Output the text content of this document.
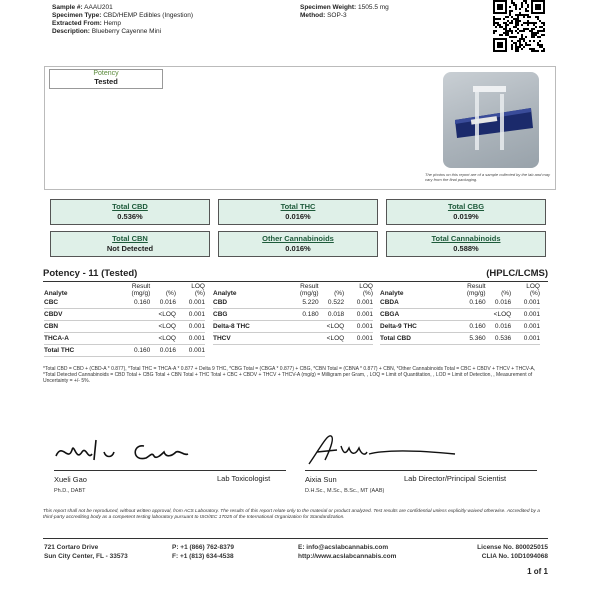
Sample #: AAAU201
Specimen Type: CBD/HEMP Edibles (Ingestion)
Extracted From: Hemp
Description: Blueberry Cayenne Mini
Specimen Weight: 1505.5 mg
Method: SOP-3
Potency
Tested
The photos on this report are of a sample collected by the lab and may vary from the final packaging.
Total CBD
0.536%
Total THC
0.016%
Total CBG
0.019%
Total CBN
Not Detected
Other Cannabinoids
0.016%
Total Cannabinoids
0.588%
Potency - 11 (Tested)	(HPLC/LCMS)

Analyte	Result
(mg/g)	(%)	LOQ
(%)
CBC	0.160	0.016	0.001
CBDV		<LOQ	0.001
CBN		<LOQ	0.001
THCA-A		<LOQ	0.001
Total THC	0.160	0.016	0.001

Analyte	Result
(mg/g)	(%)	LOQ
(%)
CBD	5.220	0.522	0.001
CBG	0.180	0.018	0.001
Delta-8 THC		<LOQ	0.001
THCV		<LOQ	0.001

Analyte	Result
(mg/g)	(%)	LOQ
(%)
CBDA	0.160	0.016	0.001
CBGA		<LOQ	0.001
Delta-9 THC	0.160	0.016	0.001
Total CBD	5.360	0.536	0.001
*Total CBD = CBD + (CBD-A * 0.877), *Total THC = THCA-A * 0.877 + Delta 9 THC, *CBG Total = (CBGA * 0.877) + CBG, *CBN Total = (CBNA * 0.877) + CBN, *Other Cannabinoids Total = CBC + CBDV + THCV + THCV-A, *Total Detected Cannabinoids = CBD Total + CBG Total + CBN Total + THC Total + CBC + CBDV + THCV + THCV-A (mg/g) = Milligram per Gram, , LOQ = Limit of Quantitation, , LOD = Limit of Detection, , Measurement of Uncertainty = +/- 5%.
Xueli Gao	Lab Toxicologist
Ph.D., DABT
Aixia Sun	Lab Director/Principal Scientist
D.H.Sc., M.Sc., B.Sc., MT (AAB)
This report shall not be reproduced, without written approval, from ACS Laboratory. The results of this report relate only to the material or product analyzed. Test results are confidential unless explicitly waived otherwise. Accredited by a third-party accrediting body as a competent testing laboratory pursuant to ISO/IEC 17025 of the International Organization for Standardization.
721 Cortaro Drive
Sun City Center, FL - 33573
P: +1 (866) 762-8379
F: +1 (813) 634-4538
E: info@acslabcannabis.com
http://www.acslabcannabis.com
License No. 800025015
CLIA No. 10D1094068
1 of 1
